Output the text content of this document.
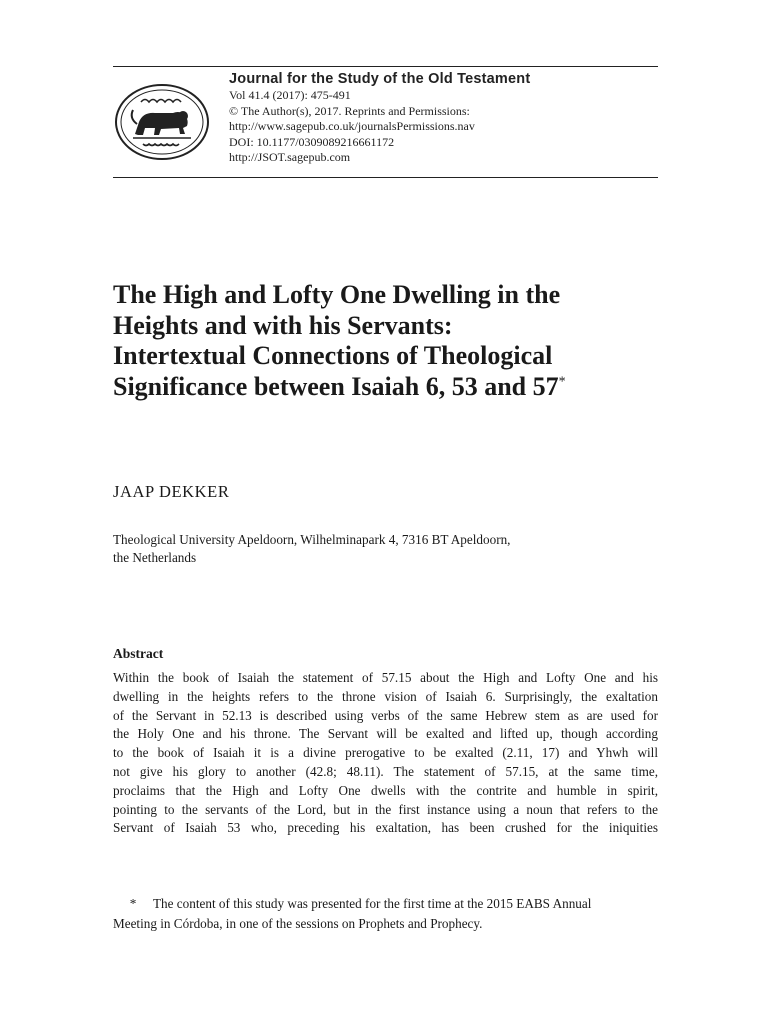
Journal for the Study of the Old Testament
Vol 41.4 (2017): 475-491
© The Author(s), 2017. Reprints and Permissions:
http://www.sagepub.co.uk/journalsPermissions.nav
DOI: 10.1177/0309089216661172
http://JSOT.sagepub.com
The High and Lofty One Dwelling in the
Heights and with his Servants:
Intertextual Connections of Theological
Significance between Isaiah 6, 53 and 57*
JAAP DEKKER
Theological University Apeldoorn, Wilhelminapark 4, 7316 BT Apeldoorn,
the Netherlands
Abstract
Within the book of Isaiah the statement of 57.15 about the High and Lofty One and his
dwelling in the heights refers to the throne vision of Isaiah 6. Surprisingly, the exaltation
of the Servant in 52.13 is described using verbs of the same Hebrew stem as are used for
the Holy One and his throne. The Servant will be exalted and lifted up, though according
to the book of Isaiah it is a divine prerogative to be exalted (2.11, 17) and Yhwh will
not give his glory to another (42.8; 48.11). The statement of 57.15, at the same time,
proclaims that the High and Lofty One dwells with the contrite and humble in spirit,
pointing to the servants of the Lord, but in the first instance using a noun that refers to the
Servant of Isaiah 53 who, preceding his exaltation, has been crushed for the iniquities
* The content of this study was presented for the first time at the 2015 EABS Annual
Meeting in Córdoba, in one of the sessions on Prophets and Prophecy.
